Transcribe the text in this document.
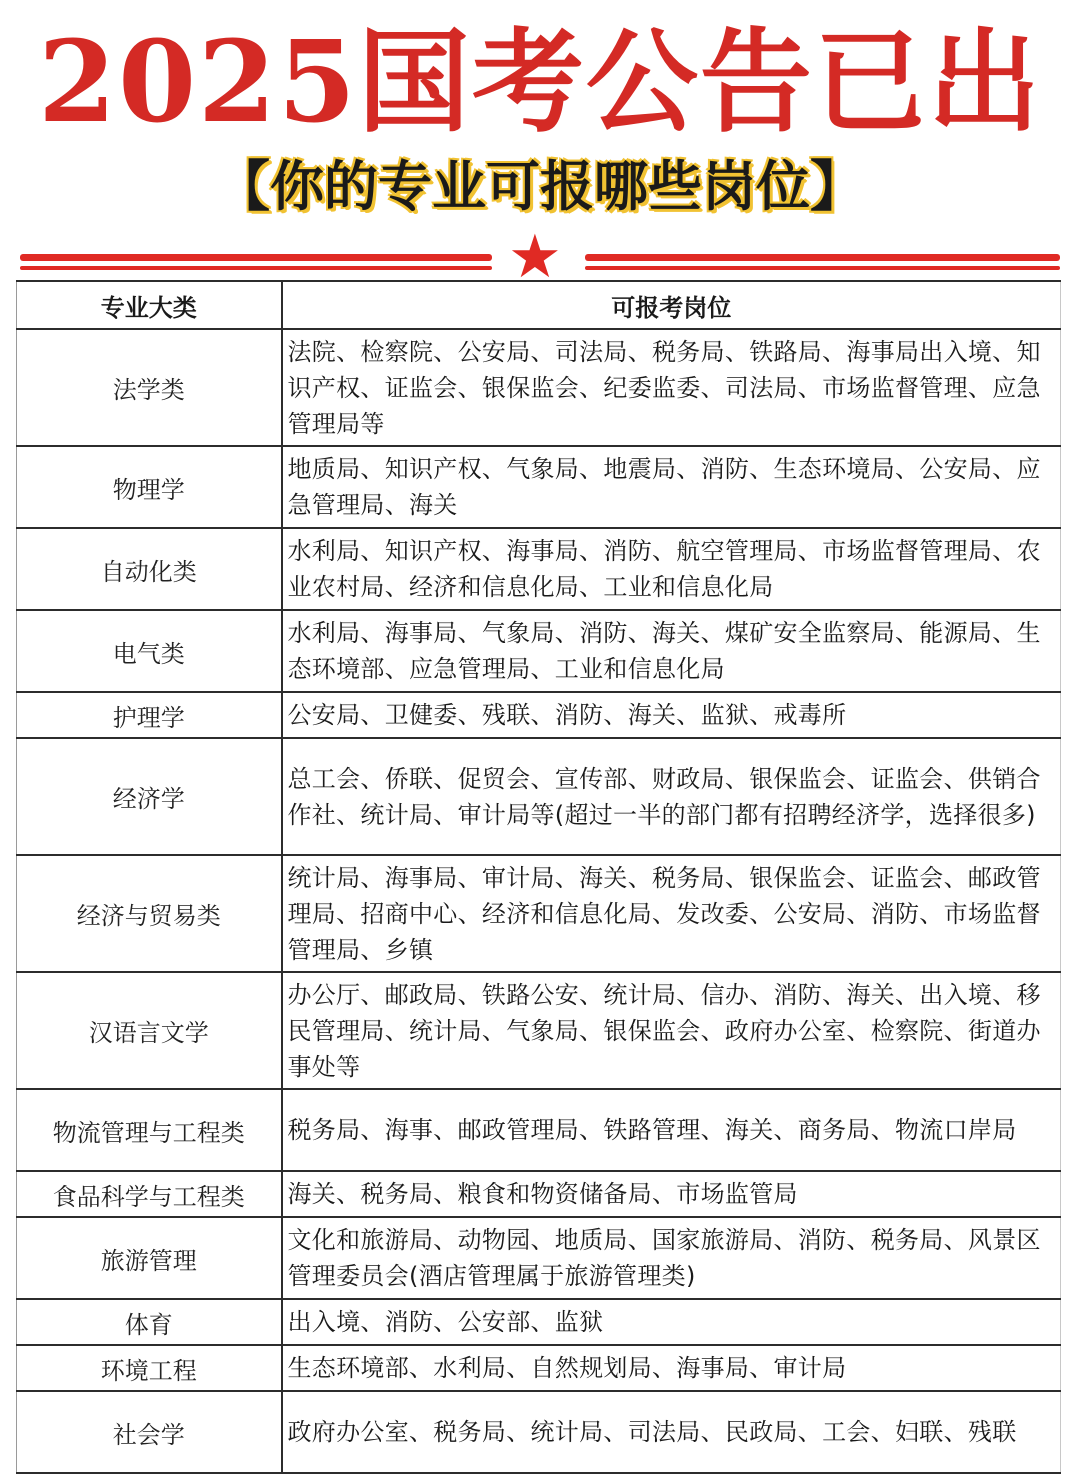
2025国考公告已出
【你的专业可报哪些岗位】
★
专业大类	可报考岗位
法学类	法院、检察院、公安局、司法局、税务局、铁路局、海事局出入境、知识产权、证监会、银保监会、纪委监委、司法局、市场监督管理、应急管理局等
物理学	地质局、知识产权、气象局、地震局、消防、生态环境局、公安局、应急管理局、海关
自动化类	水利局、知识产权、海事局、消防、航空管理局、市场监督管理局、农业农村局、经济和信息化局、工业和信息化局
电气类	水利局、海事局、气象局、消防、海关、煤矿安全监察局、能源局、生态环境部、应急管理局、工业和信息化局
护理学	公安局、卫健委、残联、消防、海关、监狱、戒毒所
经济学	总工会、侨联、促贸会、宣传部、财政局、银保监会、证监会、供销合作社、统计局、审计局等(超过一半的部门都有招聘经济学，选择很多)
经济与贸易类	统计局、海事局、审计局、海关、税务局、银保监会、证监会、邮政管理局、招商中心、经济和信息化局、发改委、公安局、消防、市场监督管理局、乡镇
汉语言文学	办公厅、邮政局、铁路公安、统计局、信办、消防、海关、出入境、移民管理局、统计局、气象局、银保监会、政府办公室、检察院、街道办事处等
物流管理与工程类	税务局、海事、邮政管理局、铁路管理、海关、商务局、物流口岸局
食品科学与工程类	海关、税务局、粮食和物资储备局、市场监管局
旅游管理	文化和旅游局、动物园、地质局、国家旅游局、消防、税务局、风景区管理委员会(酒店管理属于旅游管理类)
体育	出入境、消防、公安部、监狱
环境工程	生态环境部、水利局、自然规划局、海事局、审计局
社会学	政府办公室、税务局、统计局、司法局、民政局、工会、妇联、残联
